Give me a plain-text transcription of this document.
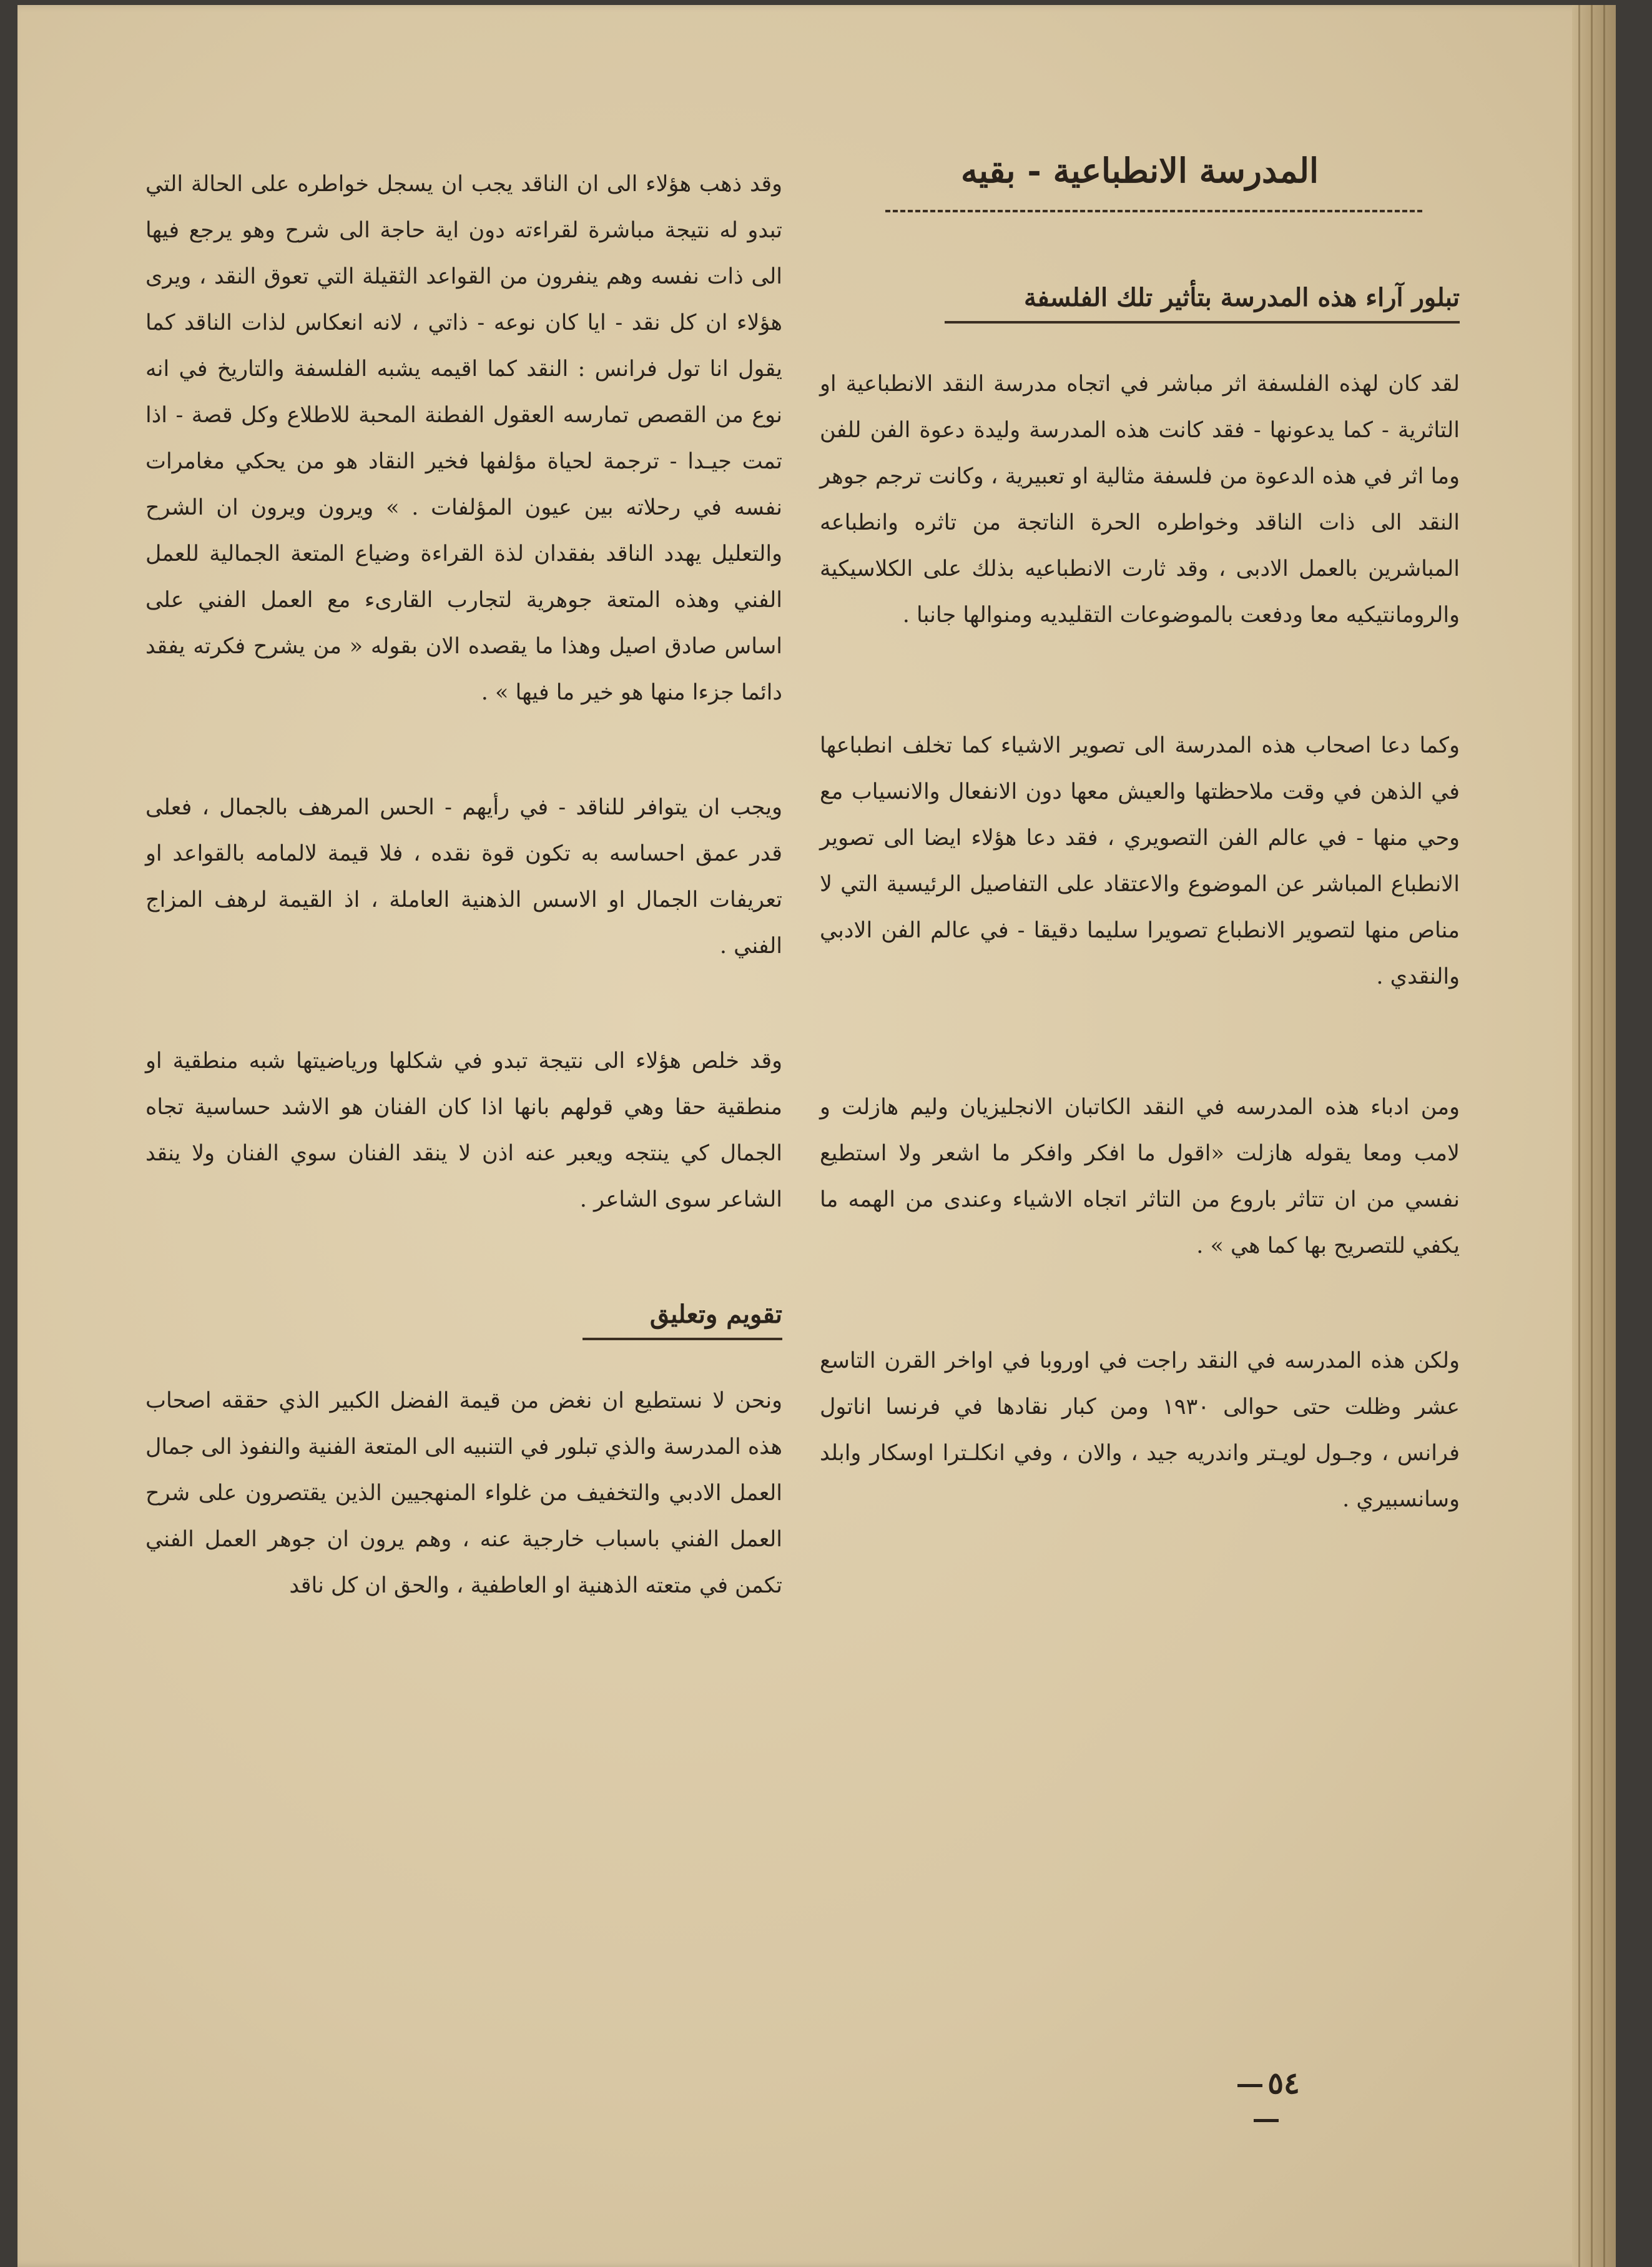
المدرسة الانطباعية - بقيه
تبلور آراء هذه المدرسة بتأثير تلك الفلسفة

لقد كان لهذه الفلسفة اثر مباشر في اتجاه مدرسة النقد الانطباعية او التاثرية - كما يدعونها - فقد كانت هذه المدرسة وليدة دعوة الفن للفن وما اثر في هذه الدعوة من فلسفة مثالية او تعبيرية ، وكانت ترجم جوهر النقد الى ذات الناقد وخواطره الحرة الناتجة من تاثره وانطباعه المباشرين بالعمل الادبى ، وقد ثارت الانطباعيه بذلك على الكلاسيكية والرومانتيكيه معا ودفعت بالموضوعات التقليديه ومنوالها جانبا .

وكما دعا اصحاب هذه المدرسة الى تصوير الاشياء كما تخلف انطباعها في الذهن في وقت ملاحظتها والعيش معها دون الانفعال والانسياب مع وحي منها - في عالم الفن التصويري ، فقد دعا هؤلاء ايضا الى تصوير الانطباع المباشر عن الموضوع والاعتقاد على التفاصيل الرئيسية التي لا مناص منها لتصوير الانطباع تصويرا سليما دقيقا - في عالم الفن الادبي والنقدي .

ومن ادباء هذه المدرسه في النقد الكاتبان الانجليزيان وليم هازلت و لامب ومعا يقوله هازلت «اقول ما افكر وافكر ما اشعر ولا استطيع نفسي من ان تتاثر باروع من التاثر اتجاه الاشياء وعندى من الهمه ما يكفي للتصريح بها كما هي » .

ولكن هذه المدرسه في النقد راجت في اوروبا في اواخر القرن التاسع عشر وظلت حتى حوالى ١٩٣٠ ومن كبار نقادها في فرنسا اناتول فرانس ، وجـول لويـتر واندريه جيد ، والان ، وفي انكلـترا اوسكار وابلد وسانسبيري .

وقد ذهب هؤلاء الى ان الناقد يجب ان يسجل خواطره على الحالة التي تبدو له نتيجة مباشرة لقراءته دون اية حاجة الى شرح وهو يرجع فيها الى ذات نفسه وهم ينفرون من القواعد الثقيلة التي تعوق النقد ، ويرى هؤلاء ان كل نقد - ايا كان نوعه - ذاتي ، لانه انعكاس لذات الناقد كما يقول انا تول فرانس : النقد كما اقيمه يشبه الفلسفة والتاريخ في انه نوع من القصص تمارسه العقول الفطنة المحبة للاطلاع وكل قصة - اذا تمت جيـدا - ترجمة لحياة مؤلفها فخير النقاد هو من يحكي مغامرات نفسه في رحلاته بين عيون المؤلفات . » ويرون ويرون ان الشرح والتعليل يهدد الناقد بفقدان لذة القراءة وضياع المتعة الجمالية للعمل الفني وهذه المتعة جوهرية لتجارب القارىء مع العمل الفني على اساس صادق اصيل وهذا ما يقصده الان بقوله « من يشرح فكرته يفقد دائما جزءا منها هو خير ما فيها » .

ويجب ان يتوافر للناقد - في رأيهم - الحس المرهف بالجمال ، فعلى قدر عمق احساسه به تكون قوة نقده ، فلا قيمة لالمامه بالقواعد او تعريفات الجمال او الاسس الذهنية العاملة ، اذ القيمة لرهف المزاج الفني .

وقد خلص هؤلاء الى نتيجة تبدو في شكلها ورياضيتها شبه منطقية او منطقية حقا وهي قولهم بانها اذا كان الفنان هو الاشد حساسية تجاه الجمال كي ينتجه ويعبر عنه اذن لا ينقد الفنان سوي الفنان ولا ينقد الشاعر سوى الشاعر .

تقويم وتعليق

ونحن لا نستطيع ان نغض من قيمة الفضل الكبير الذي حققه اصحاب هذه المدرسة والذي تبلور في التنبيه الى المتعة الفنية والنفوذ الى جمال العمل الادبي والتخفيف من غلواء المنهجيين الذين يقتصرون على شرح العمل الفني باسباب خارجية عنه ، وهم يرون ان جوهر العمل الفني تكمن في متعته الذهنية او العاطفية ، والحق ان كل ناقد

٥٤
